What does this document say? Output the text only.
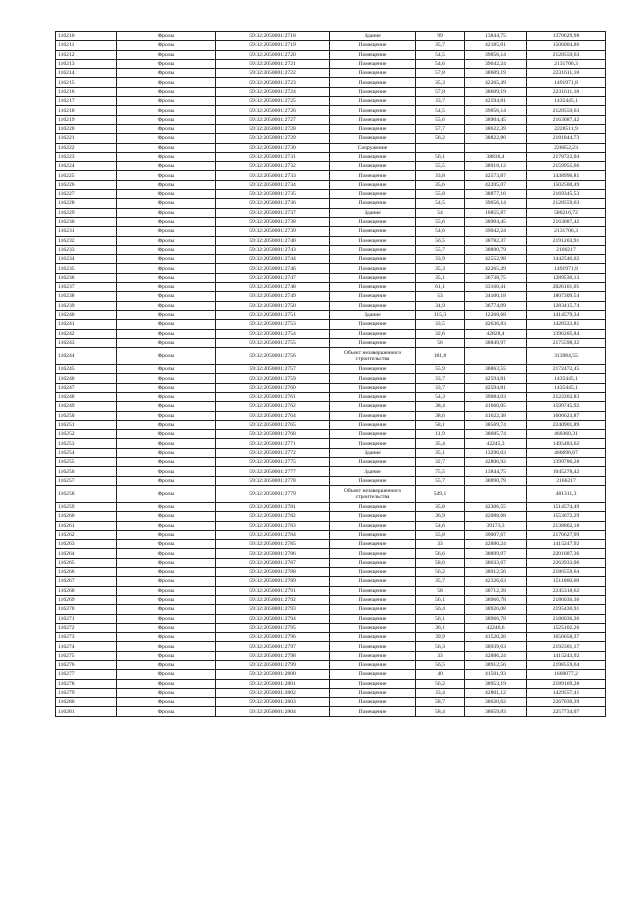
116210	Фролы	59:32:2050001:2718	Здание	99	13844,75	1370629,98
116211	Фролы	59:32:2050001:2719	Помещение	35,7	42185,01	1506004,86
116212	Фролы	59:32:2050001:2720	Помещение	54,5	39056,14	2128559,63
116213	Фролы	59:32:2050001:2721	Помещение	54,6	39042,24	2131706,3
116214	Фролы	59:32:2050001:2722	Помещение	57,8	38609,19	2231611,18
116215	Фролы	59:32:2050001:2723	Помещение	35,3	42265,49	1491971,8
116216	Фролы	59:32:2050001:2724	Помещение	57,8	38609,19	2231611,18
116217	Фролы	59:32:2050001:2725	Помещение	33,7	42594,81	1435445,1
116218	Фролы	59:32:2050001:2726	Помещение	54,5	39056,14	2128559,63
116219	Фролы	59:32:2050001:2727	Помещение	55,6	38904,45	2163087,42
116220	Фролы	59:32:2050001:2728	Помещение	57,7	38622,39	2228511,9
116221	Фролы	59:32:2050001:2729	Помещение	56,2	38822,86	2181844,73
116222	Фролы	59:32:2050001:2730	Сооружение			226652,23
116223	Фролы	59:32:2050001:2731	Помещение	56,1	38836,4	2178722,04
116224	Фролы	59:32:2050001:2732	Помещение	55,5	38918,12	2159955,66
116225	Фролы	59:32:2050001:2733	Помещение	33,8	42573,87	1438996,81
116226	Фролы	59:32:2050001:2734	Помещение	35,6	42205,07	1502500,49
116227	Фролы	59:32:2050001:2735	Помещение	55,8	38877,16	2169345,53
116228	Фролы	59:32:2050001:2736	Помещение	54,5	39056,14	2128559,63
116229	Фролы	59:32:2050001:2737	Здание	54	10855,87	586216,72
116230	Фролы	59:32:2050001:2738	Помещение	55,6	38904,45	2163087,42
116231	Фролы	59:32:2050001:2739	Помещение	54,6	39042,24	2131706,3
116232	Фролы	59:32:2050001:2740	Помещение	56,5	38782,37	2191203,91
116233	Фролы	59:32:2050001:2743	Помещение	55,7	38890,79	2166217
116234	Фролы	59:32:2050001:2744	Помещение	33,9	42552,98	1442546,02
116235	Фролы	59:32:2050001:2746	Помещение	35,3	42265,49	1491971,8
116236	Фролы	59:32:2050001:2747	Помещение	35,1	36738,75	1289530,13
116237	Фролы	59:32:2050001:2748	Помещение	61,1	33160,41	2026101,05
116238	Фролы	59:32:2050001:2749	Помещение	53	34100,18	1807309,54
116239	Фролы	59:32:2050001:2750	Помещение	34,9	36774,09	1283415,74
116240	Фролы	59:32:2050001:2751	Здание	115,3	12268,68	1414579,34
116241	Фролы	59:32:2050001:2753	Помещение	33,5	42636,83	1428333,81
116242	Фролы	59:32:2050001:2754	Помещение	32,6	42828,4	1396205,84
116243	Фролы	59:32:2050001:2755	Помещение	56	38849,97	2175598,32
116244	Фролы	59:32:2050001:2756	Объект незавершенного строительства	181,8		313984,55
116245	Фролы	59:32:2050001:2757	Помещение	55,9	38863,55	2172472,45
116246	Фролы	59:32:2050001:2759	Помещение	33,7	42594,81	1435445,1
116247	Фролы	59:32:2050001:2760	Помещение	33,7	42594,81	1435445,1
116248	Фролы	59:32:2050001:2761	Помещение	54,3	39084,03	2122262,83
116249	Фролы	59:32:2050001:2762	Помещение	38,4	41660,05	1599745,92
116250	Фролы	59:32:2050001:2764	Помещение	38,6	41622,38	1606623,87
116251	Фролы	59:32:2050001:2765	Помещение	58,1	38569,74	2240901,89
116252	Фролы	59:32:2050001:2768	Помещение	11,9	38685,74	460360,31
116253	Фролы	59:32:2050001:2771	Помещение	35,4	42245,3	1495483,62
116254	Фролы	59:32:2050001:2772	Здание	35,1	13296,03	466690,67
116255	Фролы	59:32:2050001:2775	Помещение	32,7	42806,92	1399786,28
116256	Фролы	59:32:2050001:2777	Здание	75,5	13844,75	1045278,42
116257	Фролы	59:32:2050001:2778	Помещение	55,7	38890,79	2166217
116258	Фролы	59:32:2050001:2779	Объект незавершенного строительства	549,1		481311,3
116259	Фролы	59:32:2050001:2781	Помещение	35,8	42306,55	1514574,49
116260	Фролы	59:32:2050001:2782	Помещение	36,9	42088,68	1553072,29
116261	Фролы	59:32:2050001:2783	Помещение	54,6	39173,3	2138862,18
116262	Фролы	59:32:2050001:2784	Помещение	55,8	39007,67	2176627,99
116263	Фролы	59:32:2050001:2785	Помещение	33	42880,24	1415247,92
116264	Фролы	59:32:2050001:2786	Помещение	56,6	38899,07	2201687,36
116265	Фролы	59:32:2050001:2787	Помещение	58,6	38633,67	2263933,06
116266	Фролы	59:32:2050001:2788	Помещение	56,2	38912,56	2186559,64
116267	Фролы	59:32:2050001:2789	Помещение	35,7	42326,63	1511060,69
116268	Фролы	59:32:2050001:2791	Помещение	58	38712,39	2245318,62
116269	Фролы	59:32:2050001:2792	Помещение	56,1	38966,78	2186036,36
116270	Фролы	59:32:2050001:2793	Помещение	56,4	38926,08	2195430,91
116271	Фролы	59:32:2050001:2794	Помещение	56,1	38966,78	2186036,36
116272	Фролы	59:32:2050001:2795	Помещение	36,1	42246,6	1525102,26
116273	Фролы	59:32:2050001:2796	Помещение	39,9	41520,26	1656658,37
116274	Фролы	59:32:2050001:2797	Помещение	56,3	38939,63	2192301,17
116275	Фролы	59:32:2050001:2798	Помещение	33	42886,24	1415243,92
116276	Фролы	59:32:2050001:2799	Помещение	56,5	38912,56	2198559,64
116277	Фролы	59:32:2050001:2800	Помещение	40	41501,93	1660077,2
116278	Фролы	59:32:2050001:2801	Помещение	56,2	38953,19	2189169,28
116279	Фролы	59:32:2050001:2802	Помещение	33,4	42801,12	1429557,41
116280	Фролы	59:32:2050001:2803	Помещение	58,7	38620,62	2267030,39
116281	Фролы	59:32:2050001:2804	Помещение	58,4	38659,83	2257734,07
